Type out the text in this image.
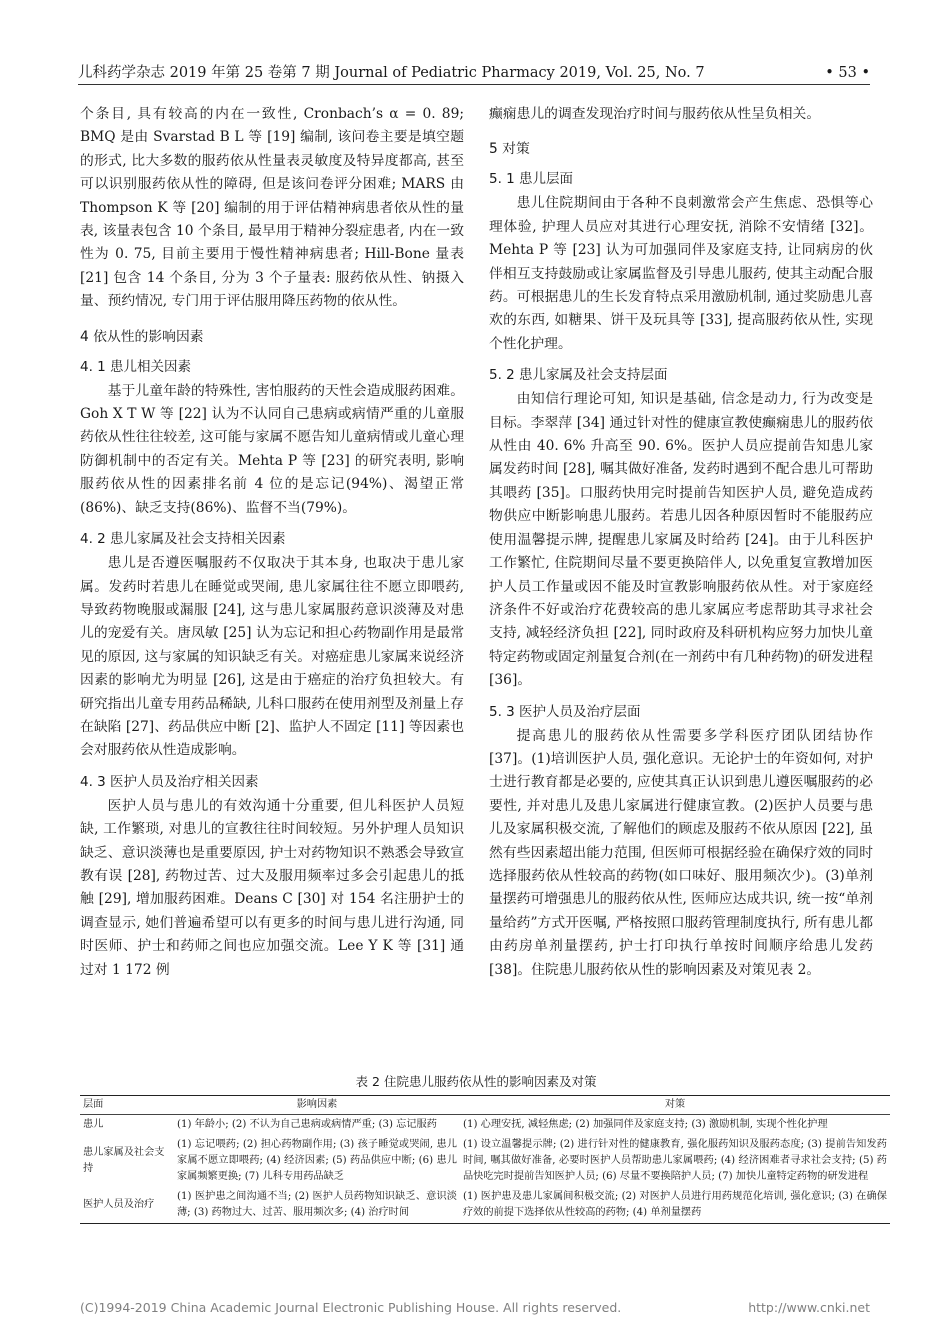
儿科药学杂志 2019 年第 25 卷第 7 期 Journal of Pediatric Pharmacy 2019, Vol. 25, No. 7	• 53 •

个条目, 具有较高的内在一致性, Cronbach’s α = 0. 89; BMQ 是由 Svarstad B L 等 [19] 编制, 该问卷主要是填空题的形式, 比大多数的服药依从性量表灵敏度及特异度都高, 甚至可以识别服药依从性的障碍, 但是该问卷评分困难; MARS 由 Thompson K 等 [20] 编制的用于评估精神病患者依从性的量表, 该量表包含 10 个条目, 最早用于精神分裂症患者, 内在一致性为 0. 75, 目前主要用于慢性精神病患者; Hill-Bone 量表 [21] 包含 14 个条目, 分为 3 个子量表: 服药依从性、钠摄入量、预约情况, 专门用于评估服用降压药物的依从性。

4 依从性的影响因素
4. 1 患儿相关因素

基于儿童年龄的特殊性, 害怕服药的天性会造成服药困难。Goh X T W 等 [22] 认为不认同自己患病或病情严重的儿童服药依从性往往较差, 这可能与家属不愿告知儿童病情或儿童心理防御机制中的否定有关。Mehta P 等 [23] 的研究表明, 影响服药依从性的因素排名前 4 位的是忘记(94%)、渴望正常(86%)、缺乏支持(86%)、监督不当(79%)。

4. 2 患儿家属及社会支持相关因素

患儿是否遵医嘱服药不仅取决于其本身, 也取决于患儿家属。发药时若患儿在睡觉或哭闹, 患儿家属往往不愿立即喂药, 导致药物晚服或漏服 [24], 这与患儿家属服药意识淡薄及对患儿的宠爱有关。唐凤敏 [25] 认为忘记和担心药物副作用是最常见的原因, 这与家属的知识缺乏有关。对癌症患儿家属来说经济因素的影响尤为明显 [26], 这是由于癌症的治疗负担较大。有研究指出儿童专用药品稀缺, 儿科口服药在使用剂型及剂量上存在缺陷 [27]、药品供应中断 [2]、监护人不固定 [11] 等因素也会对服药依从性造成影响。

4. 3 医护人员及治疗相关因素

医护人员与患儿的有效沟通十分重要, 但儿科医护人员短缺, 工作繁琐, 对患儿的宣教往往时间较短。另外护理人员知识缺乏、意识淡薄也是重要原因, 护士对药物知识不熟悉会导致宣教有误 [28], 药物过苦、过大及服用频率过多会引起患儿的抵触 [29], 增加服药困难。Deans C [30] 对 154 名注册护士的调查显示, 她们普遍希望可以有更多的时间与患儿进行沟通, 同时医师、护士和药师之间也应加强交流。Lee Y K 等 [31] 通过对 1 172 例

癫痫患儿的调查发现治疗时间与服药依从性呈负相关。

5 对策
5. 1 患儿层面

患儿住院期间由于各种不良刺激常会产生焦虑、恐惧等心理体验, 护理人员应对其进行心理安抚, 消除不安情绪 [32]。Mehta P 等 [23] 认为可加强同伴及家庭支持, 让同病房的伙伴相互支持鼓励或让家属监督及引导患儿服药, 使其主动配合服药。可根据患儿的生长发育特点采用激励机制, 通过奖励患儿喜欢的东西, 如糖果、饼干及玩具等 [33], 提高服药依从性, 实现个性化护理。

5. 2 患儿家属及社会支持层面

由知信行理论可知, 知识是基础, 信念是动力, 行为改变是目标。李翠萍 [34] 通过针对性的健康宣教使癫痫患儿的服药依从性由 40. 6% 升高至 90. 6%。医护人员应提前告知患儿家属发药时间 [28], 嘱其做好准备, 发药时遇到不配合患儿可帮助其喂药 [35]。口服药快用完时提前告知医护人员, 避免造成药物供应中断影响患儿服药。若患儿因各种原因暂时不能服药应使用温馨提示牌, 提醒患儿家属及时给药 [24]。由于儿科医护工作繁忙, 住院期间尽量不要更换陪伴人, 以免重复宣教增加医护人员工作量或因不能及时宣教影响服药依从性。对于家庭经济条件不好或治疗花费较高的患儿家属应考虑帮助其寻求社会支持, 减轻经济负担 [22], 同时政府及科研机构应努力加快儿童特定药物或固定剂量复合剂(在一剂药中有几种药物)的研发进程 [36]。

5. 3 医护人员及治疗层面

提高患儿的服药依从性需要多学科医疗团队团结协作 [37]。(1)培训医护人员, 强化意识。无论护士的年资如何, 对护士进行教育都是必要的, 应使其真正认识到患儿遵医嘱服药的必要性, 并对患儿及患儿家属进行健康宣教。(2)医护人员要与患儿及家属积极交流, 了解他们的顾虑及服药不依从原因 [22], 虽然有些因素超出能力范围, 但医师可根据经验在确保疗效的同时选择服药依从性较高的药物(如口味好、服用频次少)。(3)单剂量摆药可增强患儿的服药依从性, 医师应达成共识, 统一按“单剂量给药”方式开医嘱, 严格按照口服药管理制度执行, 所有患儿都由药房单剂量摆药, 护士打印执行单按时间顺序给患儿发药 [38]。住院患儿服药依从性的影响因素及对策见表 2。

表 2 住院患儿服药依从性的影响因素及对策
层面	影响因素	对策
患儿	(1) 年龄小; (2) 不认为自己患病或病情严重; (3) 忘记服药	(1) 心理安抚, 减轻焦虑; (2) 加强同伴及家庭支持; (3) 激励机制, 实现个性化护理
患儿家属及社会支持	(1) 忘记喂药; (2) 担心药物副作用; (3) 孩子睡觉或哭闹, 患儿家属不愿立即喂药; (4) 经济因素; (5) 药品供应中断; (6) 患儿家属频繁更换; (7) 儿科专用药品缺乏	(1) 设立温馨提示牌; (2) 进行针对性的健康教育, 强化服药知识及服药态度; (3) 提前告知发药时间, 嘱其做好准备, 必要时医护人员帮助患儿家属喂药; (4) 经济困难者寻求社会支持; (5) 药品快吃完时提前告知医护人员; (6) 尽量不要换陪护人员; (7) 加快儿童特定药物的研发进程
医护人员及治疗	(1) 医护患之间沟通不当; (2) 医护人员药物知识缺乏、意识淡薄; (3) 药物过大、过苦、服用频次多; (4) 治疗时间	(1) 医护患及患儿家属间积极交流; (2) 对医护人员进行用药规范化培训, 强化意识; (3) 在确保疗效的前提下选择依从性较高的药物; (4) 单剂量摆药
(C)1994-2019 China Academic Journal Electronic Publishing House. All rights reserved.	http://www.cnki.net
